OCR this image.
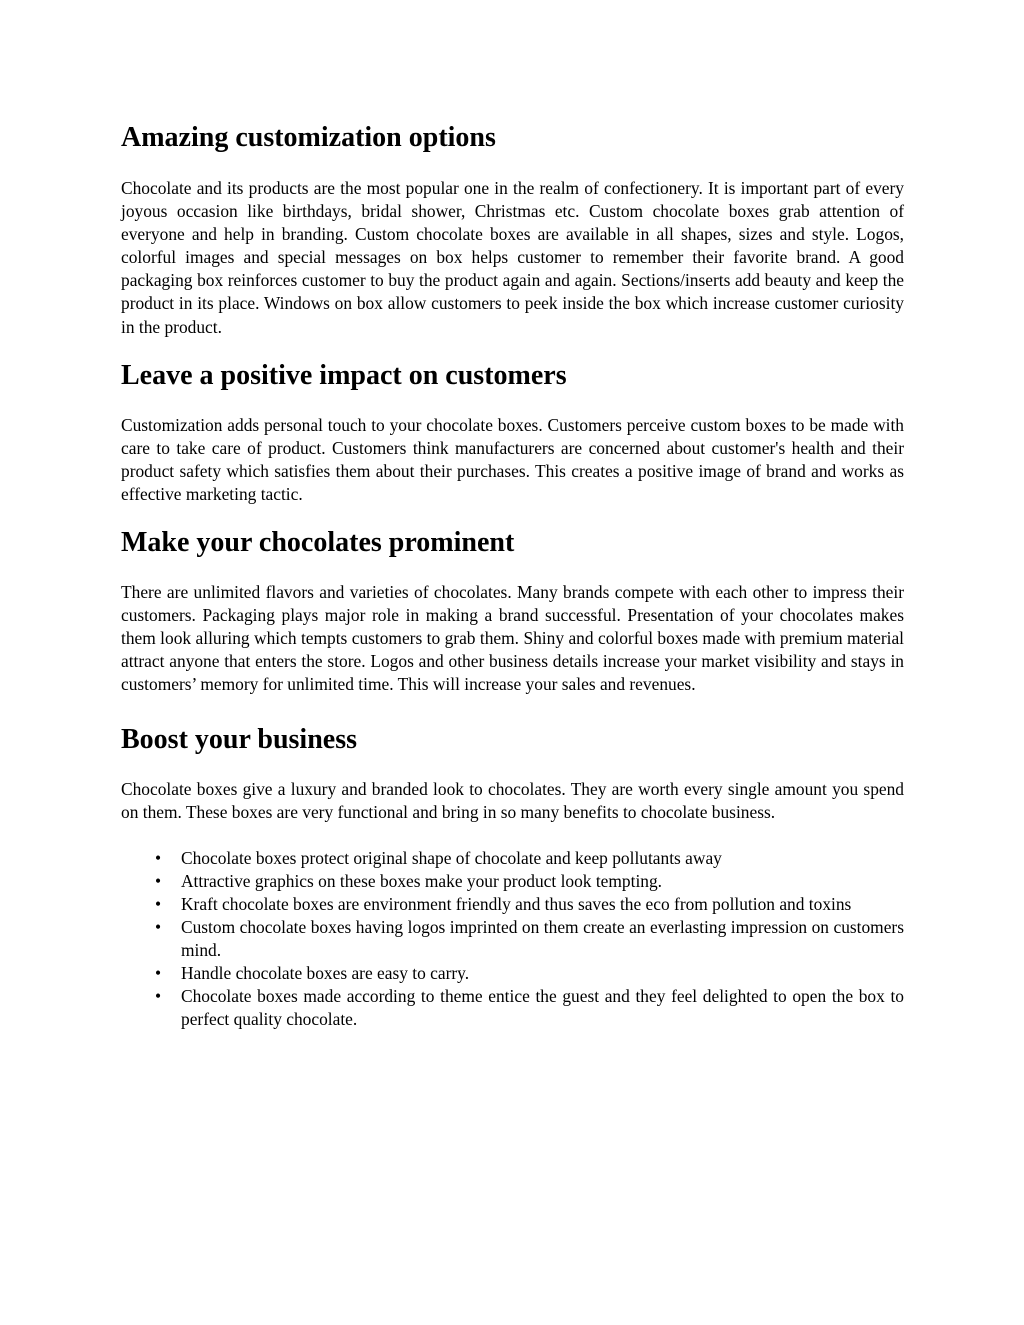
Amazing customization options

Chocolate and its products are the most popular one in the realm of confectionery. It is important part of every joyous occasion like birthdays, bridal shower, Christmas etc. Custom chocolate boxes grab attention of everyone and help in branding. Custom chocolate boxes are available in all shapes, sizes and style. Logos, colorful images and special messages on box helps customer to remember their favorite brand. A good packaging box reinforces customer to buy the product again and again. Sections/inserts add beauty and keep the product in its place. Windows on box allow customers to peek inside the box which increase customer curiosity in the product.

Leave a positive impact on customers

Customization adds personal touch to your chocolate boxes. Customers perceive custom boxes to be made with care to take care of product. Customers think manufacturers are concerned about customer's health and their product safety which satisfies them about their purchases. This creates a positive image of brand and works as effective marketing tactic.

Make your chocolates prominent

There are unlimited flavors and varieties of chocolates. Many brands compete with each other to impress their customers. Packaging plays major role in making a brand successful. Presentation of your chocolates makes them look alluring which tempts customers to grab them. Shiny and colorful boxes made with premium material attract anyone that enters the store. Logos and other business details increase your market visibility and stays in customers’ memory for unlimited time. This will increase your sales and revenues.

Boost your business

Chocolate boxes give a luxury and branded look to chocolates. They are worth every single amount you spend on them. These boxes are very functional and bring in so many benefits to chocolate business.

• Chocolate boxes protect original shape of chocolate and keep pollutants away
• Attractive graphics on these boxes make your product look tempting.
• Kraft chocolate boxes are environment friendly and thus saves the eco from pollution and toxins
• Custom chocolate boxes having logos imprinted on them create an everlasting impression on customers mind.
• Handle chocolate boxes are easy to carry.
• Chocolate boxes made according to theme entice the guest and they feel delighted to open the box to perfect quality chocolate.
